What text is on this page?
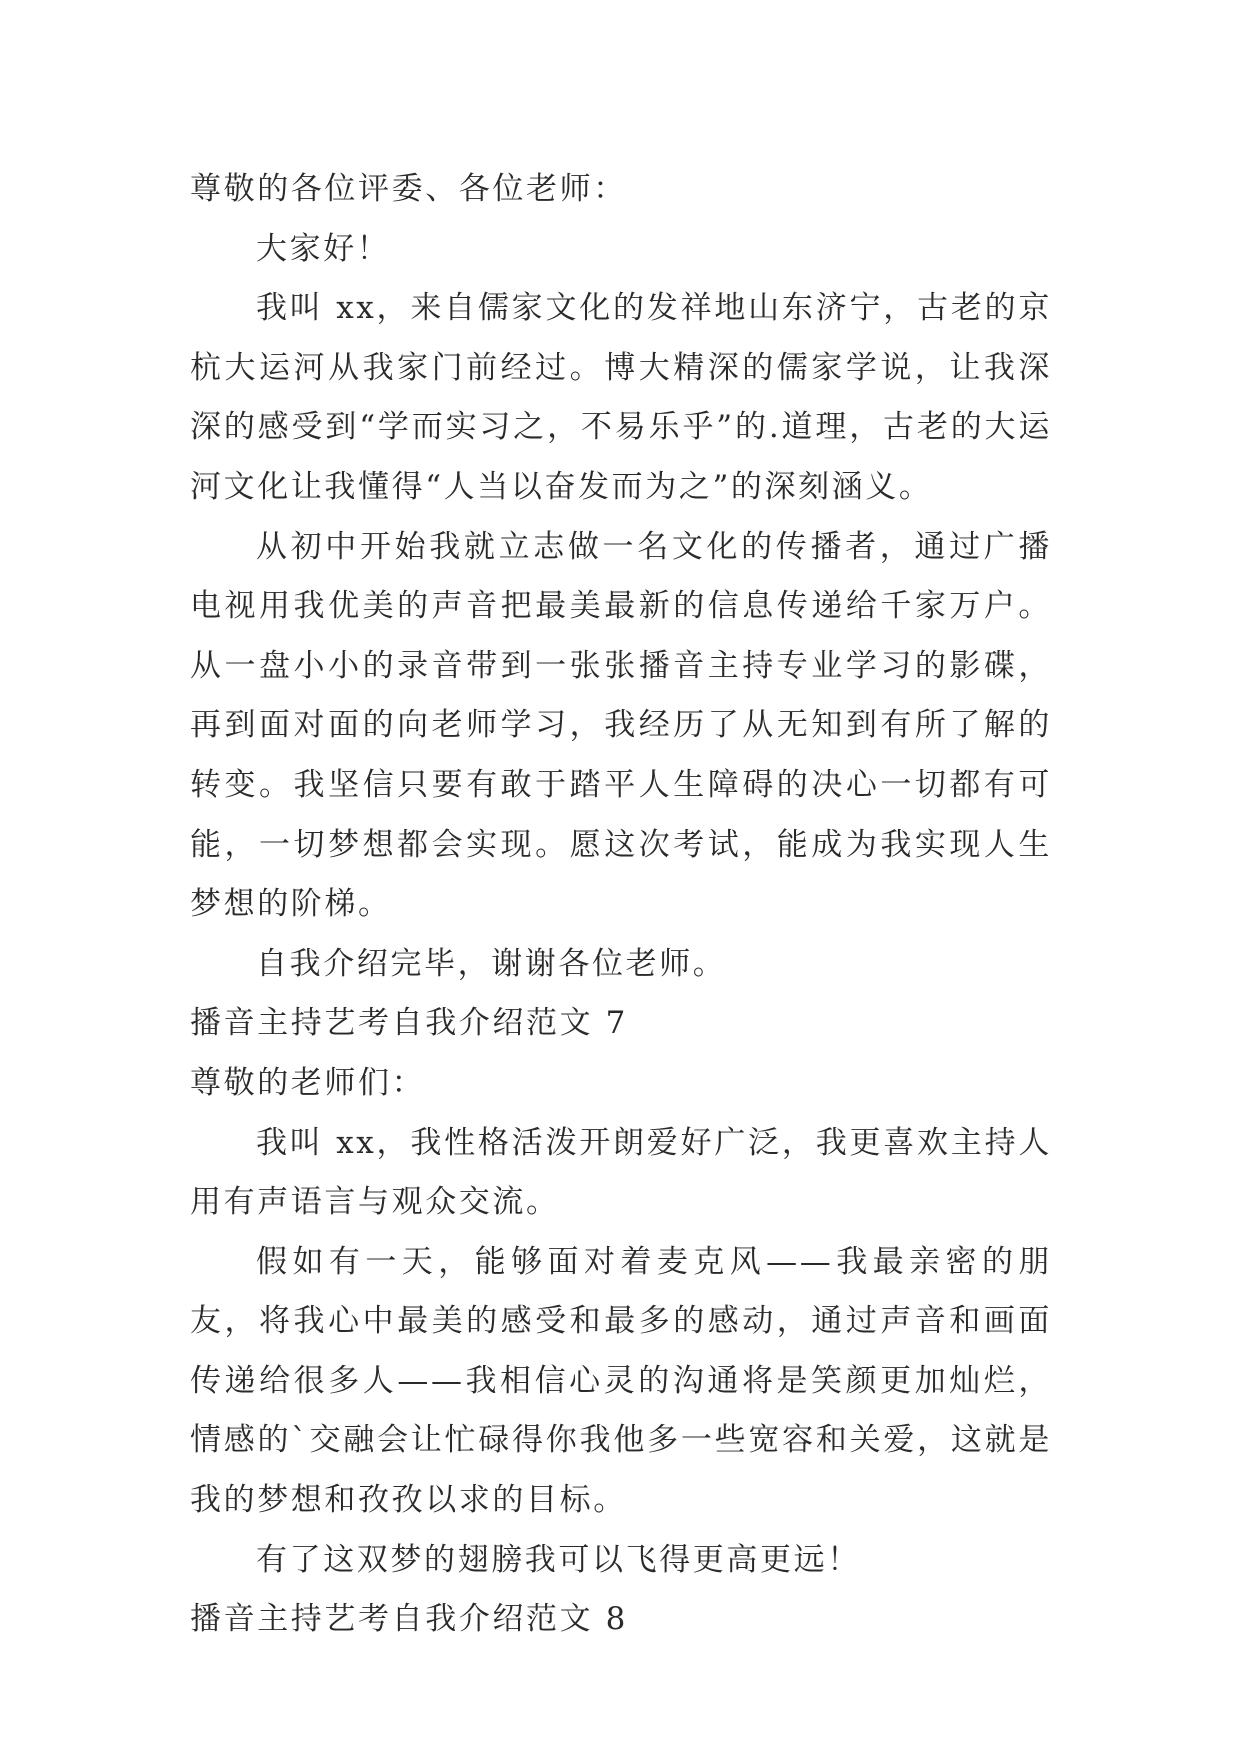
尊敬的各位评委、各位老师：

大家好！

我叫 xx，来自儒家文化的发祥地山东济宁，古老的京杭大运河从我家门前经过。博大精深的儒家学说，让我深深的感受到“学而实习之，不易乐乎”的.道理，古老的大运河文化让我懂得“人当以奋发而为之”的深刻涵义。

从初中开始我就立志做一名文化的传播者，通过广播电视用我优美的声音把最美最新的信息传递给千家万户。从一盘小小的录音带到一张张播音主持专业学习的影碟，再到面对面的向老师学习，我经历了从无知到有所了解的转变。我坚信只要有敢于踏平人生障碍的决心一切都有可能，一切梦想都会实现。愿这次考试，能成为我实现人生梦想的阶梯。

自我介绍完毕，谢谢各位老师。

播音主持艺考自我介绍范文 7

尊敬的老师们：

我叫 xx，我性格活泼开朗爱好广泛，我更喜欢主持人用有声语言与观众交流。

假如有一天，能够面对着麦克风——我最亲密的朋友，将我心中最美的感受和最多的感动，通过声音和画面传递给很多人——我相信心灵的沟通将是笑颜更加灿烂，情感的`交融会让忙碌得你我他多一些宽容和关爱，这就是我的梦想和孜孜以求的目标。

有了这双梦的翅膀我可以飞得更高更远！

播音主持艺考自我介绍范文 8
